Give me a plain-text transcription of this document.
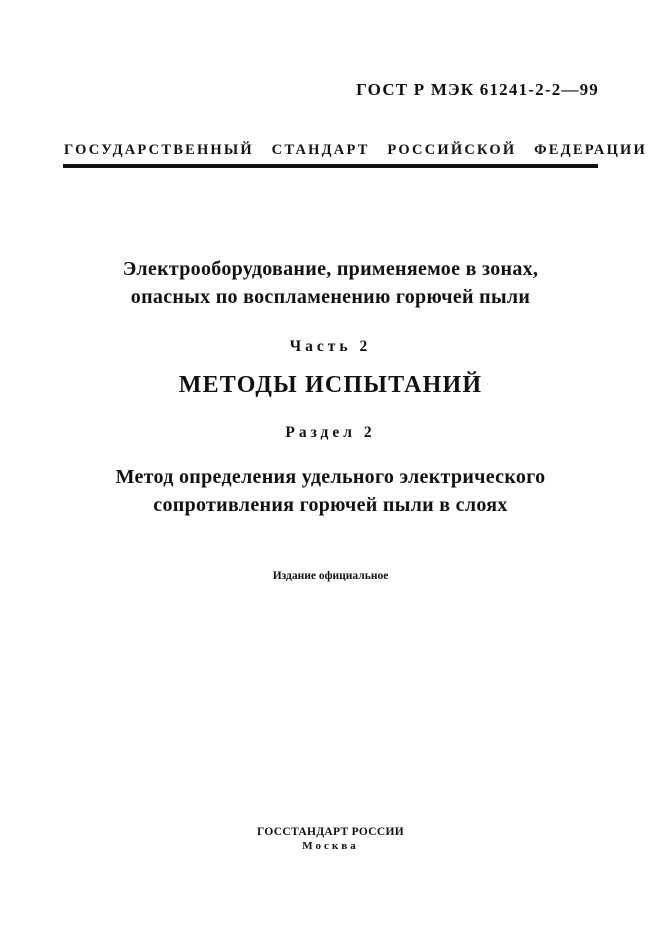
ГОСТ Р МЭК 61241-2-2—99
ГОСУДАРСТВЕННЫЙ СТАНДАРТ РОССИЙСКОЙ ФЕДЕРАЦИИ
Электрооборудование, применяемое в зонах,
опасных по воспламенению горючей пыли
Часть 2
МЕТОДЫ ИСПЫТАНИЙ
Раздел 2
Метод определения удельного электрического
сопротивления горючей пыли в слоях
Издание официальное
ГОССТАНДАРТ РОССИИ
Москва
